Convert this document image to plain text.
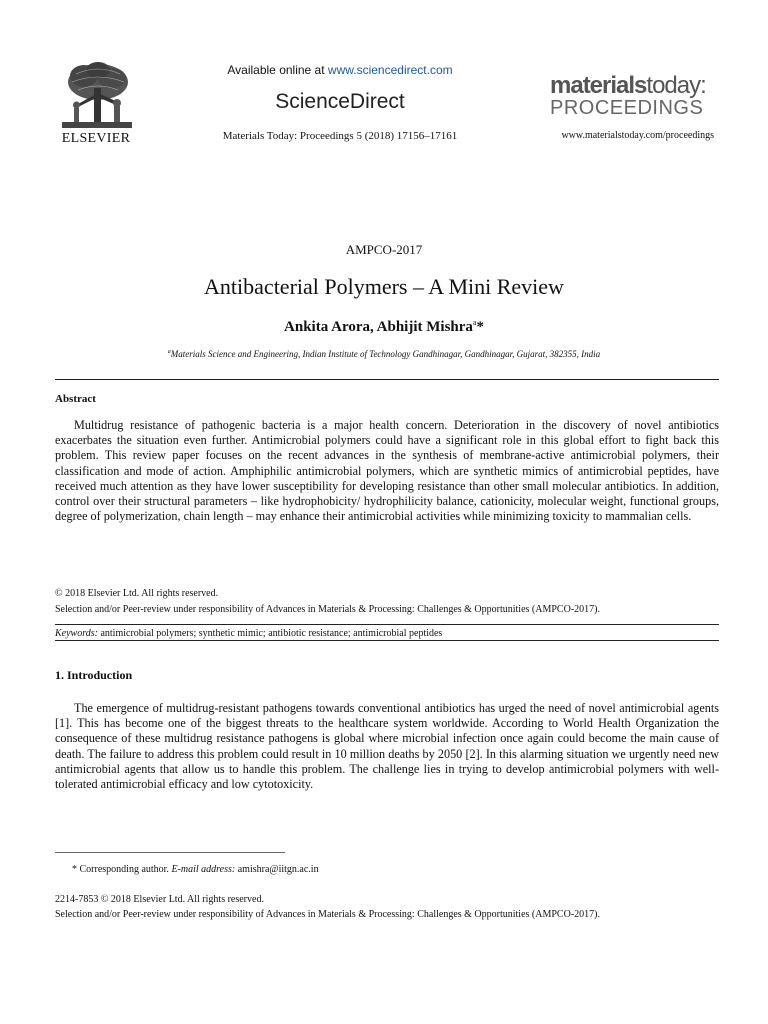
ELSEVIER
Available online at www.sciencedirect.com
ScienceDirect
Materials Today: Proceedings 5 (2018) 17156–17161
materialstoday:
PROCEEDINGS
www.materialstoday.com/proceedings
AMPCO-2017
Antibacterial Polymers – A Mini Review
Ankita Arora, Abhijit Mishra$^a$*
$^a$Materials Science and Engineering, Indian Institute of Technology Gandhinagar, Gandhinagar, Gujarat, 382355, India
Abstract
Multidrug resistance of pathogenic bacteria is a major health concern. Deterioration in the discovery of novel antibiotics exacerbates the situation even further. Antimicrobial polymers could have a significant role in this global effort to fight back this problem. This review paper focuses on the recent advances in the synthesis of membrane-active antimicrobial polymers, their classification and mode of action. Amphiphilic antimicrobial polymers, which are synthetic mimics of antimicrobial peptides, have received much attention as they have lower susceptibility for developing resistance than other small molecular antibiotics. In addition, control over their structural parameters – like hydrophobicity/ hydrophilicity balance, cationicity, molecular weight, functional groups, degree of polymerization, chain length – may enhance their antimicrobial activities while minimizing toxicity to mammalian cells.
© 2018 Elsevier Ltd. All rights reserved.
Selection and/or Peer-review under responsibility of Advances in Materials & Processing: Challenges & Opportunities (AMPCO-2017).
Keywords: antimicrobial polymers; synthetic mimic; antibiotic resistance; antimicrobial peptides
1. Introduction
The emergence of multidrug-resistant pathogens towards conventional antibiotics has urged the need of novel antimicrobial agents [1]. This has become one of the biggest threats to the healthcare system worldwide. According to World Health Organization the consequence of these multidrug resistance pathogens is global where microbial infection once again could become the main cause of death. The failure to address this problem could result in 10 million deaths by 2050 [2]. In this alarming situation we urgently need new antimicrobial agents that allow us to handle this problem. The challenge lies in trying to develop antimicrobial polymers with well-tolerated antimicrobial efficacy and low cytotoxicity.
* Corresponding author. E-mail address: amishra@iitgn.ac.in
2214-7853 © 2018 Elsevier Ltd. All rights reserved.
Selection and/or Peer-review under responsibility of Advances in Materials & Processing: Challenges & Opportunities (AMPCO-2017).
